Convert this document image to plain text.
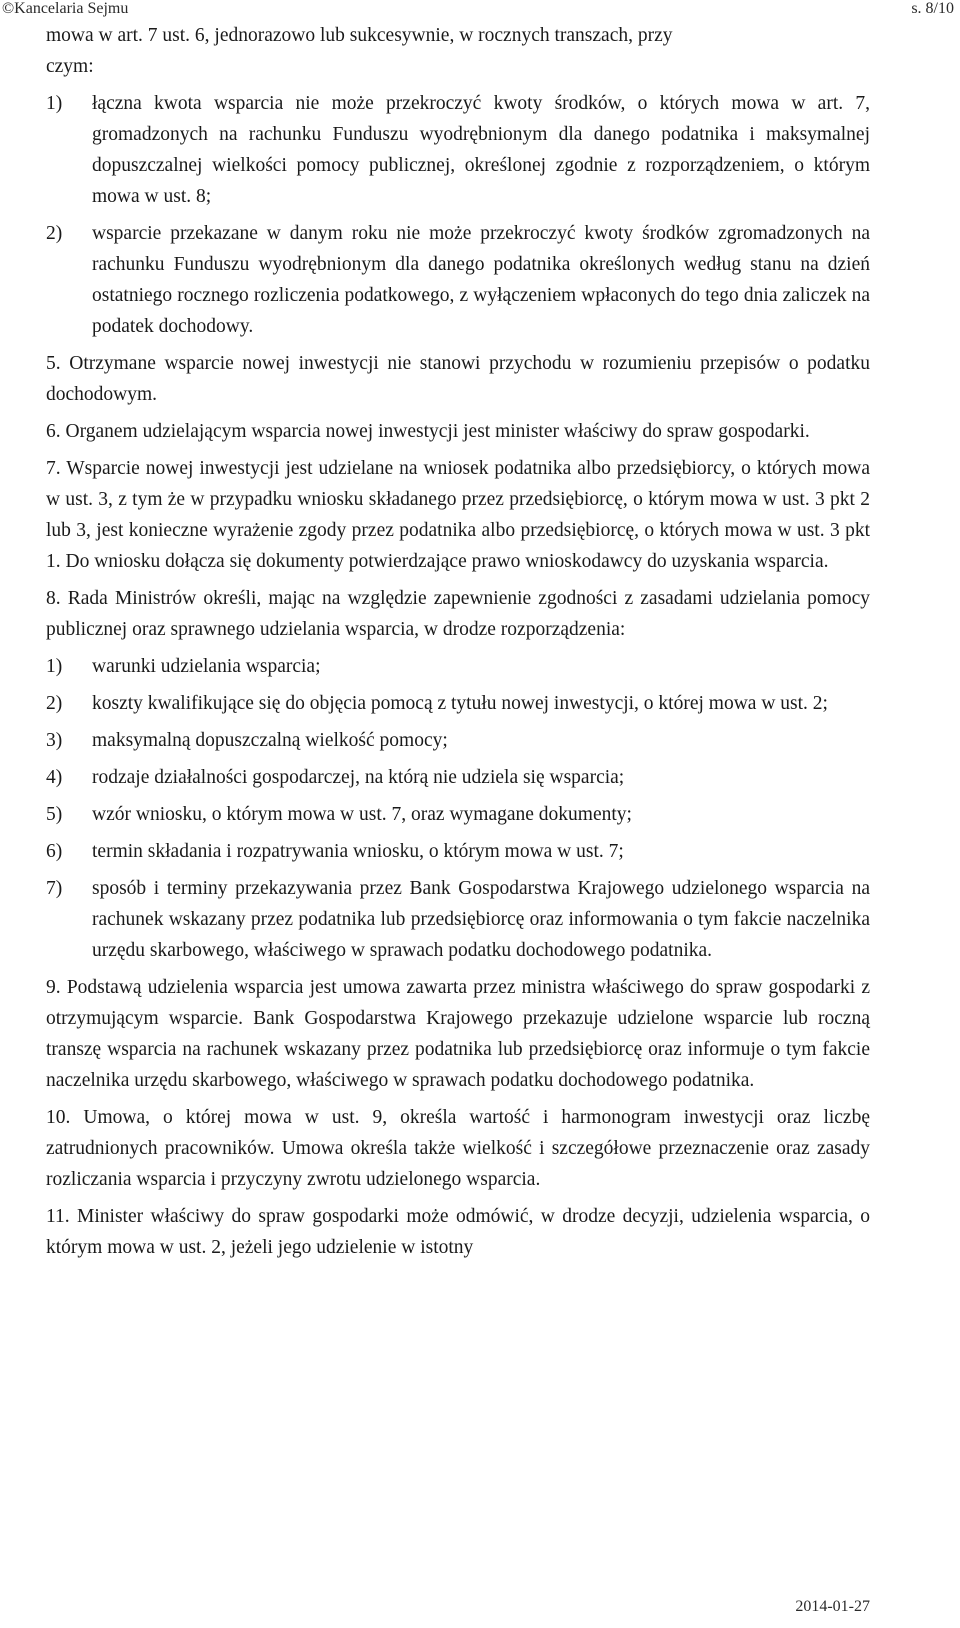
©Kancelaria Sejmu	s. 8/10

mowa w art. 7 ust. 6, jednorazowo lub sukcesywnie, w rocznych transzach, przy

czym:

1) łączna kwota wsparcia nie może przekroczyć kwoty środków, o których mowa w art. 7, gromadzonych na rachunku Funduszu wyodrębnionym dla danego podatnika i maksymalnej dopuszczalnej wielkości pomocy publicznej, określonej zgodnie z rozporządzeniem, o którym mowa w ust. 8;
2) wsparcie przekazane w danym roku nie może przekroczyć kwoty środków zgromadzonych na rachunku Funduszu wyodrębnionym dla danego podatnika określonych według stanu na dzień ostatniego rocznego rozliczenia podatkowego, z wyłączeniem wpłaconych do tego dnia zaliczek na podatek dochodowy.

5. Otrzymane wsparcie nowej inwestycji nie stanowi przychodu w rozumieniu przepisów o podatku dochodowym.

6. Organem udzielającym wsparcia nowej inwestycji jest minister właściwy do spraw gospodarki.

7. Wsparcie nowej inwestycji jest udzielane na wniosek podatnika albo przedsiębiorcy, o których mowa w ust. 3, z tym że w przypadku wniosku składanego przez przedsiębiorcę, o którym mowa w ust. 3 pkt 2 lub 3, jest konieczne wyrażenie zgody przez podatnika albo przedsiębiorcę, o których mowa w ust. 3 pkt 1. Do wniosku dołącza się dokumenty potwierdzające prawo wnioskodawcy do uzyskania wsparcia.

8. Rada Ministrów określi, mając na względzie zapewnienie zgodności z zasadami udzielania pomocy publicznej oraz sprawnego udzielania wsparcia, w drodze rozporządzenia:

1) warunki udzielania wsparcia;
2) koszty kwalifikujące się do objęcia pomocą z tytułu nowej inwestycji, o której mowa w ust. 2;
3) maksymalną dopuszczalną wielkość pomocy;
4) rodzaje działalności gospodarczej, na którą nie udziela się wsparcia;
5) wzór wniosku, o którym mowa w ust. 7, oraz wymagane dokumenty;
6) termin składania i rozpatrywania wniosku, o którym mowa w ust. 7;
7) sposób i terminy przekazywania przez Bank Gospodarstwa Krajowego udzielonego wsparcia na rachunek wskazany przez podatnika lub przedsiębiorcę oraz informowania o tym fakcie naczelnika urzędu skarbowego, właściwego w sprawach podatku dochodowego podatnika.

9. Podstawą udzielenia wsparcia jest umowa zawarta przez ministra właściwego do spraw gospodarki z otrzymującym wsparcie. Bank Gospodarstwa Krajowego przekazuje udzielone wsparcie lub roczną transzę wsparcia na rachunek wskazany przez podatnika lub przedsiębiorcę oraz informuje o tym fakcie naczelnika urzędu skarbowego, właściwego w sprawach podatku dochodowego podatnika.

10. Umowa, o której mowa w ust. 9, określa wartość i harmonogram inwestycji oraz liczbę zatrudnionych pracowników. Umowa określa także wielkość i szczegółowe przeznaczenie oraz zasady rozliczania wsparcia i przyczyny zwrotu udzielonego wsparcia.

11. Minister właściwy do spraw gospodarki może odmówić, w drodze decyzji, udzielenia wsparcia, o którym mowa w ust. 2, jeżeli jego udzielenie w istotny

2014-01-27
